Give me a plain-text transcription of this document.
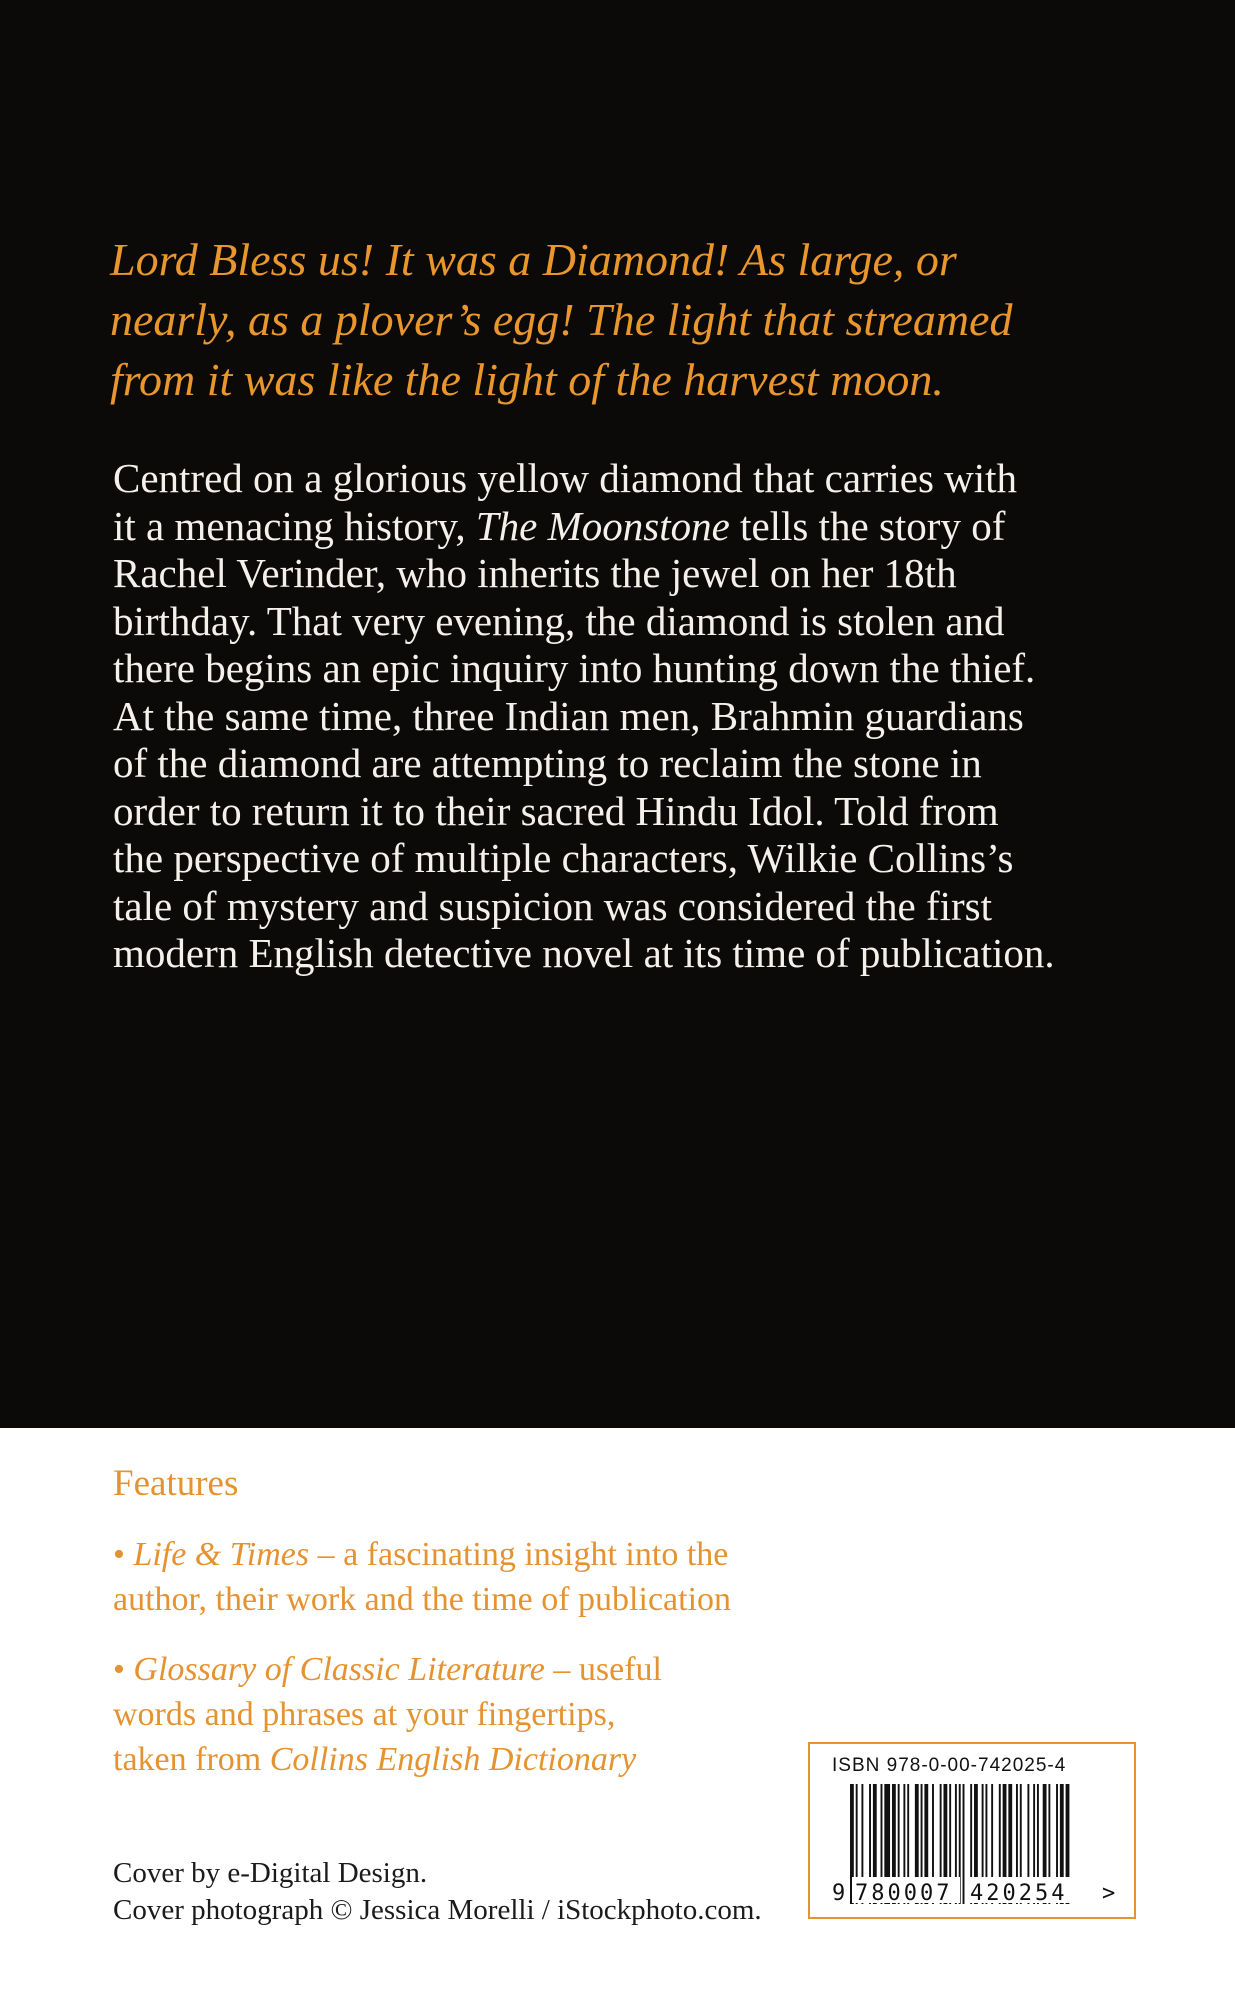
Lord Bless us! It was a Diamond! As large, or
nearly, as a plover’s egg! The light that streamed
from it was like the light of the harvest moon.

Centred on a glorious yellow diamond that carries with
it a menacing history, The Moonstone tells the story of
Rachel Verinder, who inherits the jewel on her 18th
birthday. That very evening, the diamond is stolen and
there begins an epic inquiry into hunting down the thief.
At the same time, three Indian men, Brahmin guardians
of the diamond are attempting to reclaim the stone in
order to return it to their sacred Hindu Idol. Told from
the perspective of multiple characters, Wilkie Collins’s
tale of mystery and suspicion was considered the first
modern English detective novel at its time of publication.

Features

• Life & Times – a fascinating insight into the
author, their work and the time of publication

• Glossary of Classic Literature – useful
words and phrases at your fingertips,
taken from Collins English Dictionary

Cover by e-Digital Design.
Cover photograph © Jessica Morelli / iStockphoto.com.

ISBN 978-0-00-742025-4
9 780007 420254 >
